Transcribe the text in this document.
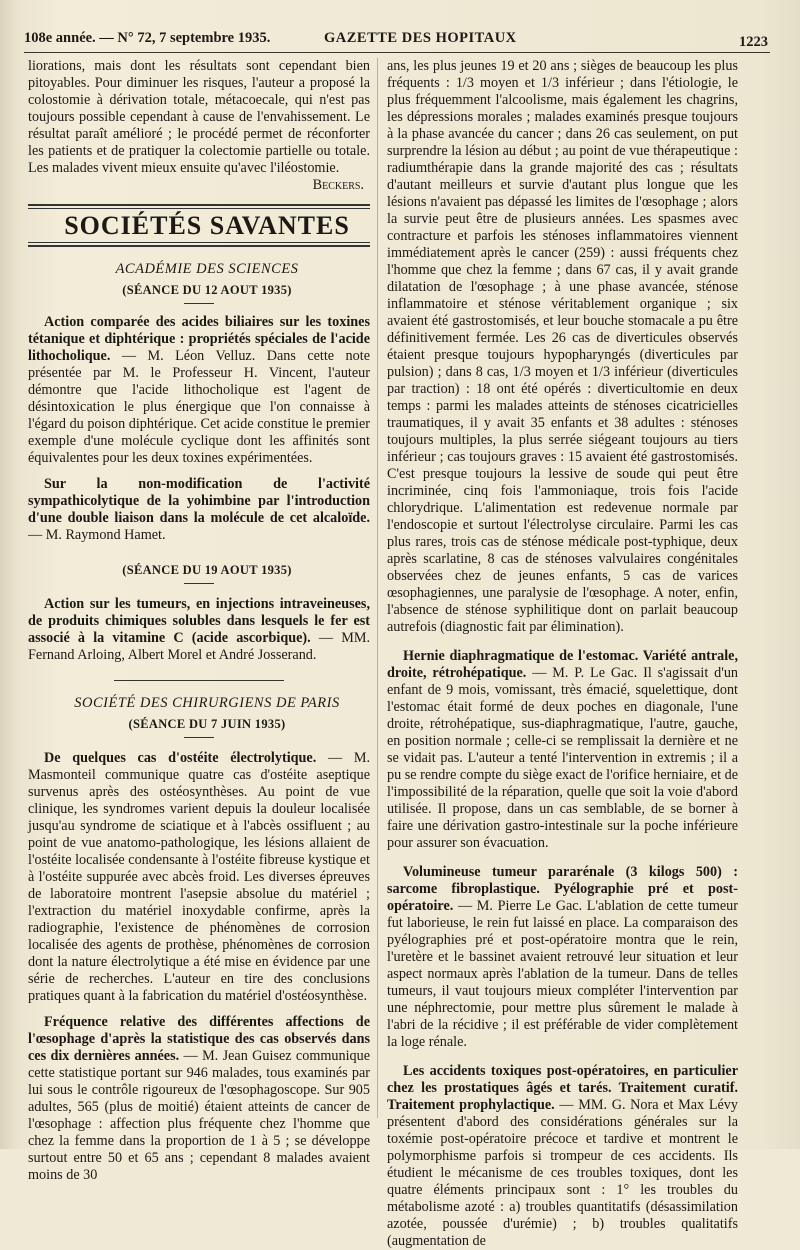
108e année. — N° 72, 7 septembre 1935.	GAZETTE DES HOPITAUX	1223

liorations, mais dont les résultats sont cependant bien pitoyables. Pour diminuer les risques, l'auteur a proposé la colostomie à dérivation totale, métacoecale, qui n'est pas toujours possible cependant à cause de l'envahissement. Le résultat paraît amélioré ; le procédé permet de réconforter les patients et de pratiquer la colectomie partielle ou totale. Les malades vivent mieux ensuite qu'avec l'iléostomie.

Beckers.

SOCIÉTÉS SAVANTES

ACADÉMIE DES SCIENCES

(SÉANCE DU 12 AOUT 1935)

Action comparée des acides biliaires sur les toxines tétanique et diphtérique : propriétés spéciales de l'acide lithocholique. — M. Léon Velluz. Dans cette note présentée par M. le Professeur H. Vincent, l'auteur démontre que l'acide lithocholique est l'agent de désintoxication le plus énergique que l'on connaisse à l'égard du poison diphtérique. Cet acide constitue le premier exemple d'une molécule cyclique dont les affinités sont équivalentes pour les deux toxines expérimentées.

Sur la non-modification de l'activité sympathicolytique de la yohimbine par l'introduction d'une double liaison dans la molécule de cet alcaloïde. — M. Raymond Hamet.

(SÉANCE DU 19 AOUT 1935)

Action sur les tumeurs, en injections intraveineuses, de produits chimiques solubles dans lesquels le fer est associé à la vitamine C (acide ascorbique). — MM. Fernand Arloing, Albert Morel et André Josserand.

SOCIÉTÉ DES CHIRURGIENS DE PARIS

(SÉANCE DU 7 JUIN 1935)

De quelques cas d'ostéite électrolytique. — M. Masmonteil communique quatre cas d'ostéite aseptique survenus après des ostéosynthèses. Au point de vue clinique, les syndromes varient depuis la douleur localisée jusqu'au syndrome de sciatique et à l'abcès ossifluent ; au point de vue anatomo-pathologique, les lésions allaient de l'ostéite localisée condensante à l'ostéite fibreuse kystique et à l'ostéite suppurée avec abcès froid. Les diverses épreuves de laboratoire montrent l'asepsie absolue du matériel ; l'extraction du matériel inoxydable confirme, après la radiographie, l'existence de phénomènes de corrosion localisée des agents de prothèse, phénomènes de corrosion dont la nature électrolytique a été mise en évidence par une série de recherches. L'auteur en tire des conclusions pratiques quant à la fabrication du matériel d'ostéosynthèse.

Fréquence relative des différentes affections de l'œsophage d'après la statistique des cas observés dans ces dix dernières années. — M. Jean Guisez communique cette statistique portant sur 946 malades, tous examinés par lui sous le contrôle rigoureux de l'œsophagoscope. Sur 905 adultes, 565 (plus de moitié) étaient atteints de cancer de l'œsophage : affection plus fréquente chez l'homme que chez la femme dans la proportion de 1 à 5 ; se développe surtout entre 50 et 65 ans ; cependant 8 malades avaient moins de 30

ans, les plus jeunes 19 et 20 ans ; sièges de beaucoup les plus fréquents : 1/3 moyen et 1/3 inférieur ; dans l'étiologie, le plus fréquemment l'alcoolisme, mais également les chagrins, les dépressions morales ; malades examinés presque toujours à la phase avancée du cancer ; dans 26 cas seulement, on put surprendre la lésion au début ; au point de vue thérapeutique : radiumthérapie dans la grande majorité des cas ; résultats d'autant meilleurs et survie d'autant plus longue que les lésions n'avaient pas dépassé les limites de l'œsophage ; alors la survie peut être de plusieurs années. Les spasmes avec contracture et parfois les sténoses inflammatoires viennent immédiatement après le cancer (259) : aussi fréquents chez l'homme que chez la femme ; dans 67 cas, il y avait grande dilatation de l'œsophage ; à une phase avancée, sténose inflammatoire et sténose véritablement organique ; six avaient été gastrostomisés, et leur bouche stomacale a pu être définitivement fermée. Les 26 cas de diverticules observés étaient presque toujours hypopharyngés (diverticules par pulsion) ; dans 8 cas, 1/3 moyen et 1/3 inférieur (diverticules par traction) : 18 ont été opérés : diverticultomie en deux temps : parmi les malades atteints de sténoses cicatricielles traumatiques, il y avait 35 enfants et 38 adultes : sténoses toujours multiples, la plus serrée siégeant toujours au tiers inférieur ; cas toujours graves : 15 avaient été gastrostomisés. C'est presque toujours la lessive de soude qui peut être incriminée, cinq fois l'ammoniaque, trois fois l'acide chlorydrique. L'alimentation est redevenue normale par l'endoscopie et surtout l'électrolyse circulaire. Parmi les cas plus rares, trois cas de sténose médicale post-typhique, deux après scarlatine, 8 cas de sténoses valvulaires congénitales observées chez de jeunes enfants, 5 cas de varices œsophagiennes, une paralysie de l'œsophage. A noter, enfin, l'absence de sténose syphilitique dont on parlait beaucoup autrefois (diagnostic fait par élimination).

Hernie diaphragmatique de l'estomac. Variété antrale, droite, rétrohépatique. — M. P. Le Gac. Il s'agissait d'un enfant de 9 mois, vomissant, très émacié, squelettique, dont l'estomac était formé de deux poches en diagonale, l'une droite, rétrohépatique, sus-diaphragmatique, l'autre, gauche, en position normale ; celle-ci se remplissait la dernière et ne se vidait pas. L'auteur a tenté l'intervention in extremis ; il a pu se rendre compte du siège exact de l'orifice herniaire, et de l'impossibilité de la réparation, quelle que soit la voie d'abord utilisée. Il propose, dans un cas semblable, de se borner à faire une dérivation gastro-intestinale sur la poche inférieure pour assurer son évacuation.

Volumineuse tumeur pararénale (3 kilogs 500) : sarcome fibroplastique. Pyélographie pré et post-opératoire. — M. Pierre Le Gac. L'ablation de cette tumeur fut laborieuse, le rein fut laissé en place. La comparaison des pyélographies pré et post-opératoire montra que le rein, l'uretère et le bassinet avaient retrouvé leur situation et leur aspect normaux après l'ablation de la tumeur. Dans de telles tumeurs, il vaut toujours mieux compléter l'intervention par une néphrectomie, pour mettre plus sûrement le malade à l'abri de la récidive ; il est préférable de vider complètement la loge rénale.

Les accidents toxiques post-opératoires, en particulier chez les prostatiques âgés et tarés. Traitement curatif. Traitement prophylactique. — MM. G. Nora et Max Lévy présentent d'abord des considérations générales sur la toxémie post-opératoire précoce et tardive et montrent le polymorphisme parfois si trompeur de ces accidents. Ils étudient le mécanisme de ces troubles toxiques, dont les quatre éléments principaux sont : 1° les troubles du métabolisme azoté : a) troubles quantitatifs (désassimilation azotée, poussée d'urémie) ; b) troubles qualitatifs (augmentation de
